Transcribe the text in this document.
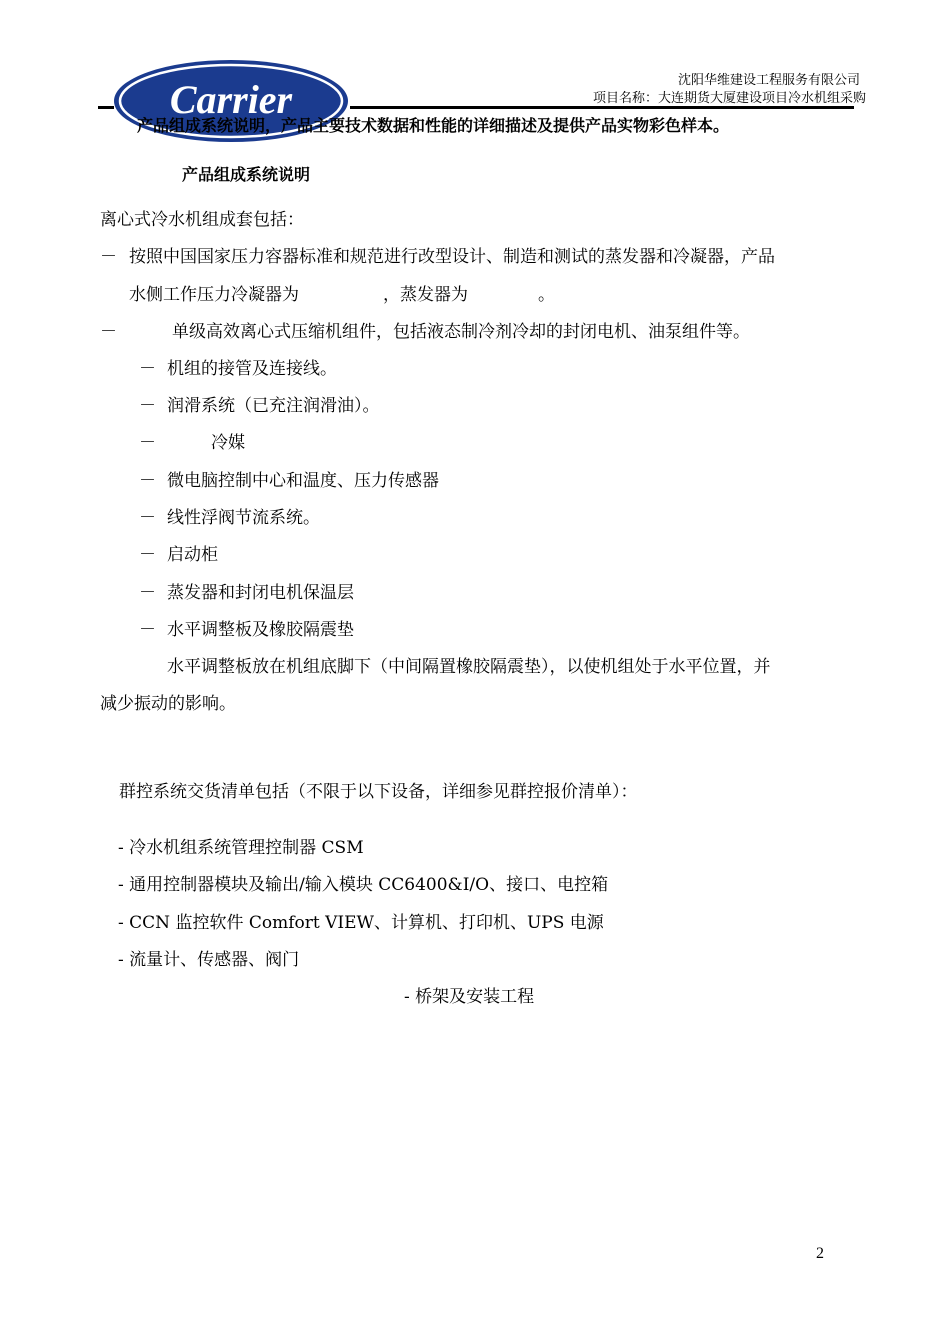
沈阳华维建设工程服务有限公司
项目名称：大连期货大厦建设项目冷水机组采购
Carrier
产品组成系统说明，产品主要技术数据和性能的详细描述及提供产品实物彩色样本。
产品组成系统说明
离心式冷水机组成套包括：
－ 按照中国国家压力容器标准和规范进行改型设计、制造和测试的蒸发器和冷凝器，产品
水侧工作压力冷凝器为	，蒸发器为	。
－	单级高效离心式压缩机组件，包括液态制冷剂冷却的封闭电机、油泵组件等。
－ 机组的接管及连接线。
－ 润滑系统（已充注润滑油）。
－	冷媒
－ 微电脑控制中心和温度、压力传感器
－ 线性浮阀节流系统。
－ 启动柜
－ 蒸发器和封闭电机保温层
－ 水平调整板及橡胶隔震垫
水平调整板放在机组底脚下（中间隔置橡胶隔震垫），以使机组处于水平位置，并
减少振动的影响。
群控系统交货清单包括（不限于以下设备，详细参见群控报价清单）：
- 冷水机组系统管理控制器 CSM
- 通用控制器模块及输出/输入模块 CC6400&I/O、接口、电控箱
- CCN 监控软件 Comfort VIEW、计算机、打印机、UPS 电源
- 流量计、传感器、阀门
- 桥架及安装工程
2
